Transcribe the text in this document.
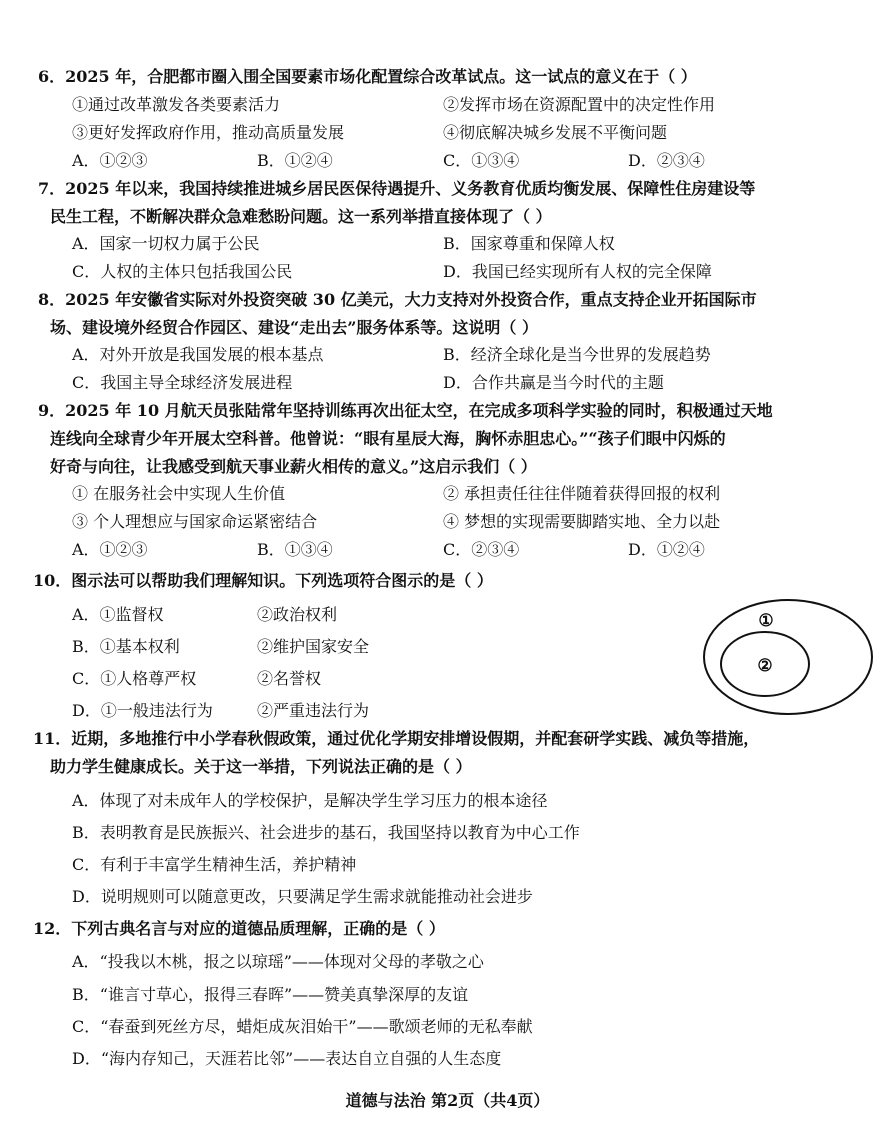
6．2025 年，合肥都市圈入围全国要素市场化配置综合改革试点。这一试点的意义在于（ ）
①通过改革激发各类要素活力	②发挥市场在资源配置中的决定性作用
③更好发挥政府作用，推动高质量发展	④彻底解决城乡发展不平衡问题
A．①②③	B．①②④	C．①③④	D．②③④
7．2025 年以来，我国持续推进城乡居民医保待遇提升、义务教育优质均衡发展、保障性住房建设等
民生工程，不断解决群众急难愁盼问题。这一系列举措直接体现了（ ）
A．国家一切权力属于公民	B．国家尊重和保障人权
C．人权的主体只包括我国公民	D．我国已经实现所有人权的完全保障
8．2025 年安徽省实际对外投资突破 30 亿美元，大力支持对外投资合作，重点支持企业开拓国际市
场、建设境外经贸合作园区、建设“走出去”服务体系等。这说明（ ）
A．对外开放是我国发展的根本基点	B．经济全球化是当今世界的发展趋势
C．我国主导全球经济发展进程	D．合作共赢是当今时代的主题
9．2025 年 10 月航天员张陆常年坚持训练再次出征太空，在完成多项科学实验的同时，积极通过天地
连线向全球青少年开展太空科普。他曾说：“眼有星辰大海，胸怀赤胆忠心。”“孩子们眼中闪烁的
好奇与向往，让我感受到航天事业薪火相传的意义。”这启示我们（ ）
① 在服务社会中实现人生价值	② 承担责任往往伴随着获得回报的权利
③ 个人理想应与国家命运紧密结合	④ 梦想的实现需要脚踏实地、全力以赴
A．①②③	B．①③④	C．②③④	D．①②④
10．图示法可以帮助我们理解知识。下列选项符合图示的是（ ）
A．①监督权	②政治权利
B．①基本权利	②维护国家安全
C．①人格尊严权	②名誉权
D．①一般违法行为	②严重违法行为
①
②
11．近期，多地推行中小学春秋假政策，通过优化学期安排增设假期，并配套研学实践、减负等措施，
助力学生健康成长。关于这一举措，下列说法正确的是（ ）
A．体现了对未成年人的学校保护，是解决学生学习压力的根本途径
B．表明教育是民族振兴、社会进步的基石，我国坚持以教育为中心工作
C．有利于丰富学生精神生活，养护精神
D．说明规则可以随意更改，只要满足学生需求就能推动社会进步
12．下列古典名言与对应的道德品质理解，正确的是（ ）
A．“投我以木桃，报之以琼瑶”——体现对父母的孝敬之心
B．“谁言寸草心，报得三春晖”——赞美真挚深厚的友谊
C．“春蚕到死丝方尽，蜡炬成灰泪始干”——歌颂老师的无私奉献
D．“海内存知己，天涯若比邻”——表达自立自强的人生态度
道德与法治 第2页（共4页）
